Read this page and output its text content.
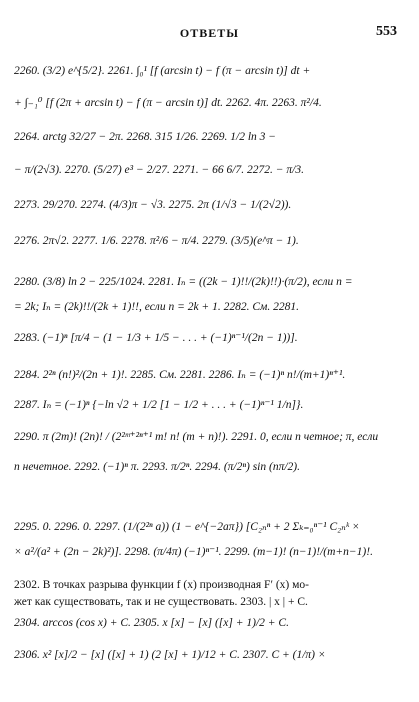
ОТВЕТЫ	553
2260. (3/2) e^{5/2}. 2261. ∫₀¹ [f (arcsin t) − f (π − arcsin t)] dt +
+ ∫₋₁⁰ [f (2π + arcsin t) − f (π − arcsin t)] dt. 2262. 4π. 2263. π²/4.
2264. arctg 32/27 − 2π. 2268. 315 1/26. 2269. 1/2 ln 3 −
− π/(2√3). 2270. (5/27) e³ − 2/27. 2271. − 66 6/7. 2272. − π/3.
2273. 29/270. 2274. (4/3)π − √3. 2275. 2π (1/√3 − 1/(2√2)).
2276. 2π√2. 2277. 1/6. 2278. π²/6 − π/4. 2279. (3/5)(e^π − 1).
2280. (3/8) ln 2 − 225/1024. 2281. Iₙ = ((2k − 1)!!/(2k)!!)·(π/2), если n =
= 2k; Iₙ = (2k)!!/(2k + 1)!!, если n = 2k + 1. 2282. См. 2281.
2283. (−1)ⁿ [π/4 − (1 − 1/3 + 1/5 − . . . + (−1)ⁿ⁻¹/(2n − 1))].
2284. 2²ⁿ (n!)²/(2n + 1)!. 2285. См. 2281. 2286. Iₙ = (−1)ⁿ n!/(m+1)ⁿ⁺¹.
2287. Iₙ = (−1)ⁿ {−ln √2 + 1/2 [1 − 1/2 + . . . + (−1)ⁿ⁻¹ 1/n]}.
2290. π (2m)! (2n)! / (2²ᵐ⁺²ⁿ⁺¹ m! n! (m + n)!). 2291. 0, если n четное; π, если
n нечетное. 2292. (−1)ⁿ π. 2293. π/2ⁿ. 2294. (π/2ⁿ) sin (nπ/2).
2295. 0. 2296. 0. 2297. (1/(2²ⁿ a)) (1 − e^{−2aπ}) [C₂ₙⁿ + 2 Σₖ₌₀ⁿ⁻¹ C₂ₙᵏ ×
× a²/(a² + (2n − 2k)²)]. 2298. (π/4π) (−1)ⁿ⁻¹. 2299. (m−1)! (n−1)!/(m+n−1)!.
2302. В точках разрыва функции f (x) производная F′ (x) мо-
жет как существовать, так и не существовать. 2303. | x | + C.
2304. arccos (cos x) + C. 2305. x [x] − [x] ([x] + 1)/2 + C.
2306. x² [x]/2 − [x] ([x] + 1) (2 [x] + 1)/12 + C. 2307. C + (1/π) ×
